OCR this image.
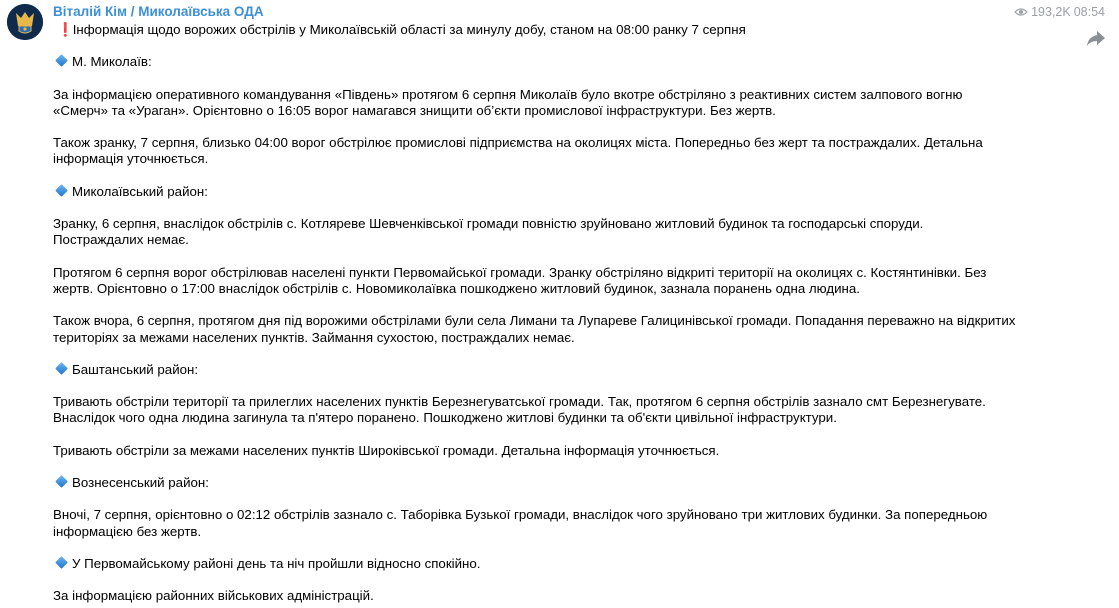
Віталій Кім / Миколаївська ОДА	193,2K 08:54
❗ Інформація щодо ворожих обстрілів у Миколаївській області за минулу добу, станом на 08:00 ранку 7 серпня
М. Миколаїв:
За інформацією оперативного командування «Південь» протягом 6 серпня Миколаїв було вкотре обстріляно з реактивних систем залпового вогню
«Смерч» та «Ураган». Орієнтовно о 16:05 ворог намагався знищити об’єкти промислової інфраструктури. Без жертв.
Також зранку, 7 серпня, близько 04:00 ворог обстрілює промислові підприємства на околицях міста. Попередньо без жерт та постраждалих. Детальна
інформація уточнюється.
Миколаївський район:
Зранку, 6 серпня, внаслідок обстрілів с. Котляреве Шевченківської громади повністю зруйновано житловий будинок та господарські споруди.
Постраждалих немає.
Протягом 6 серпня ворог обстрілював населені пункти Первомайської громади. Зранку обстріляно відкриті території на околицях с. Костянтинівки. Без
жертв. Орієнтовно о 17:00 внаслідок обстрілів с. Новомиколаївка пошкоджено житловий будинок, зазнала поранень одна людина.
Також вчора, 6 серпня, протягом дня під ворожими обстрілами були села Лимани та Лупареве Галицинівської громади. Попадання переважно на відкритих
територіях за межами населених пунктів. Займання сухостою, постраждалих немає.
Баштанський район:
Тривають обстріли території та прилеглих населених пунктів Березнегуватської громади. Так, протягом 6 серпня обстрілів зазнало смт Березнегувате.
Внаслідок чого одна людина загинула та п'ятеро поранено. Пошкоджено житлові будинки та об'єкти цивільної інфраструктури.
Тривають обстріли за межами населених пунктів Широківської громади. Детальна інформація уточнюється.
Вознесенський район:
Вночі, 7 серпня, орієнтовно о 02:12 обстрілів зазнало с. Таборівка Бузької громади, внаслідок чого зруйновано три житлових будинки. За попередньою
інформацією без жертв.
У Первомайському районі день та ніч пройшли відносно спокійно.
За інформацією районних військових адміністрацій.
